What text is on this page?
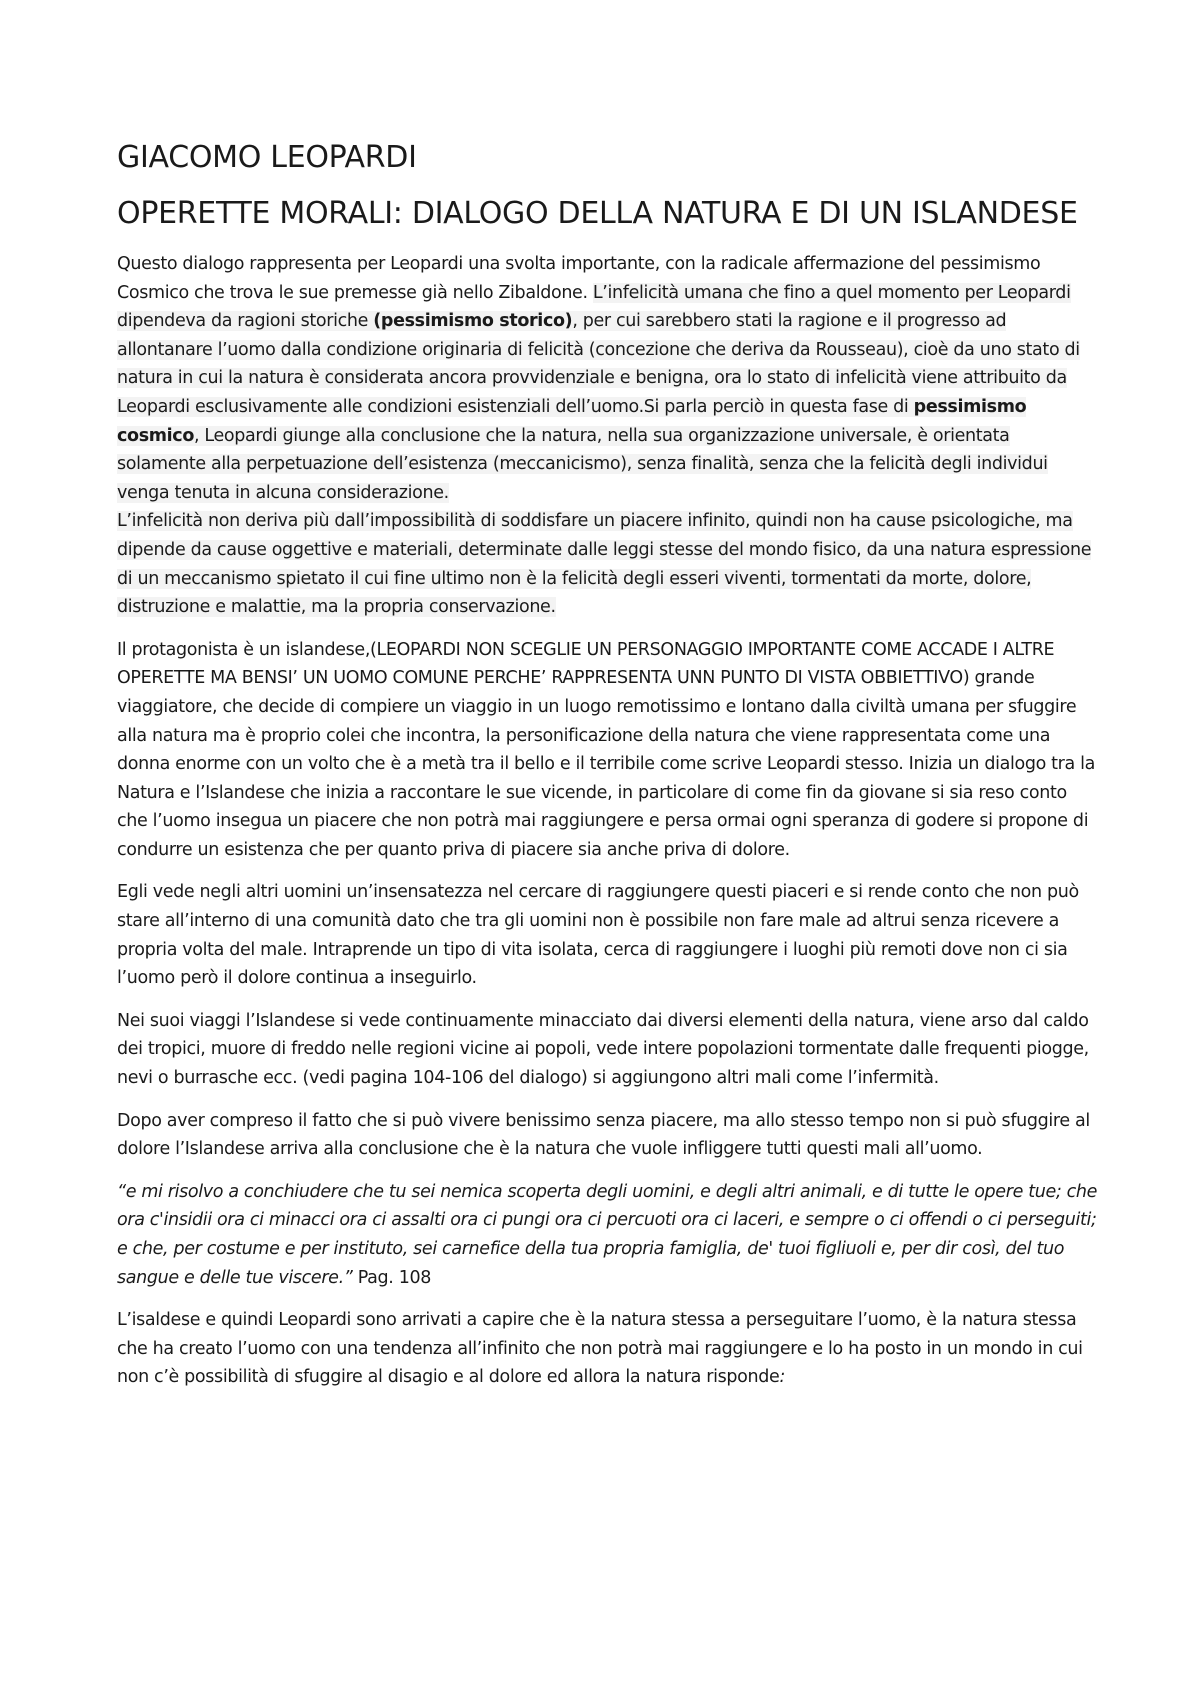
GIACOMO LEOPARDI
OPERETTE MORALI: DIALOGO DELLA NATURA E DI UN ISLANDESE

Questo dialogo rappresenta per Leopardi una svolta importante, con la radicale affermazione del pessimismo Cosmico che trova le sue premesse già nello Zibaldone. L’infelicità umana che fino a quel momento per Leopardi dipendeva da ragioni storiche (pessimismo storico), per cui sarebbero stati la ragione e il progresso ad allontanare l’uomo dalla condizione originaria di felicità (concezione che deriva da Rousseau), cioè da uno stato di natura in cui la natura è considerata ancora provvidenziale e benigna, ora lo stato di infelicità viene attribuito da Leopardi esclusivamente alle condizioni esistenziali dell’uomo.Si parla perciò in questa fase di pessimismo cosmico, Leopardi giunge alla conclusione che la natura, nella sua organizzazione universale, è orientata solamente alla perpetuazione dell’esistenza (meccanicismo), senza finalità, senza che la felicità degli individui venga tenuta in alcuna considerazione.

L’infelicità non deriva più dall’impossibilità di soddisfare un piacere infinito, quindi non ha cause psicologiche, ma dipende da cause oggettive e materiali, determinate dalle leggi stesse del mondo fisico, da una natura espressione di un meccanismo spietato il cui fine ultimo non è la felicità degli esseri viventi, tormentati da morte, dolore, distruzione e malattie, ma la propria conservazione.

Il protagonista è un islandese,(LEOPARDI NON SCEGLIE UN PERSONAGGIO IMPORTANTE COME ACCADE I ALTRE OPERETTE MA BENSI’ UN UOMO COMUNE PERCHE’ RAPPRESENTA UNN PUNTO DI VISTA OBBIETTIVO) grande viaggiatore, che decide di compiere un viaggio in un luogo remotissimo e lontano dalla civiltà umana per sfuggire alla natura ma è proprio colei che incontra, la personificazione della natura che viene rappresentata come una donna enorme con un volto che è a metà tra il bello e il terribile come scrive Leopardi stesso. Inizia un dialogo tra la Natura e l’Islandese che inizia a raccontare le sue vicende, in particolare di come fin da giovane si sia reso conto che l’uomo insegua un piacere che non potrà mai raggiungere e persa ormai ogni speranza di godere si propone di condurre un esistenza che per quanto priva di piacere sia anche priva di dolore.

Egli vede negli altri uomini un’insensatezza nel cercare di raggiungere questi piaceri e si rende conto che non può stare all’interno di una comunità dato che tra gli uomini non è possibile non fare male ad altrui senza ricevere a propria volta del male. Intraprende un tipo di vita isolata, cerca di raggiungere i luoghi più remoti dove non ci sia l’uomo però il dolore continua a inseguirlo.

Nei suoi viaggi l’Islandese si vede continuamente minacciato dai diversi elementi della natura, viene arso dal caldo dei tropici, muore di freddo nelle regioni vicine ai popoli, vede intere popolazioni tormentate dalle frequenti piogge, nevi o burrasche ecc. (vedi pagina 104-106 del dialogo) si aggiungono altri mali come l’infermità.

Dopo aver compreso il fatto che si può vivere benissimo senza piacere, ma allo stesso tempo non si può sfuggire al dolore l’Islandese arriva alla conclusione che è la natura che vuole infliggere tutti questi mali all’uomo.

“e mi risolvo a conchiudere che tu sei nemica scoperta degli uomini, e degli altri animali, e di tutte le opere tue; che ora c'insidii ora ci minacci ora ci assalti ora ci pungi ora ci percuoti ora ci laceri, e sempre o ci offendi o ci perseguiti; e che, per costume e per instituto, sei carnefice della tua propria famiglia, de' tuoi figliuoli e, per dir così, del tuo sangue e delle tue viscere.” Pag. 108

L’isaldese e quindi Leopardi sono arrivati a capire che è la natura stessa a perseguitare l’uomo, è la natura stessa che ha creato l’uomo con una tendenza all’infinito che non potrà mai raggiungere e lo ha posto in un mondo in cui non c’è possibilità di sfuggire al disagio e al dolore ed allora la natura risponde:
